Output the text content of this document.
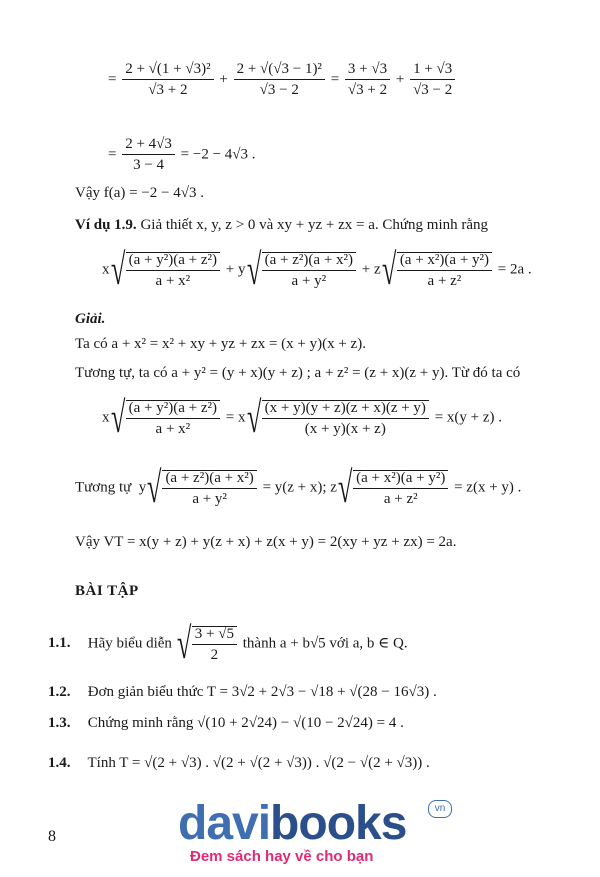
= $\frac{\text{2 + √(1 + √3)²}}{√3 + 2} + \frac{\text{2 + √(√3 − 1)²}}{√3 - 2} = \frac{3 + √3}{√3 + 2} + \frac{1 + √3}{√3 - 2}$
= $\frac{2 + 4√3}{3 - 4} = -2 - 4√3$ .
Vậy f(a) = −2 − 4√3 .
Ví dụ 1.9. Giả thiết x, y, z > 0 và xy + yz + zx = a. Chứng minh rằng
$x√ \frac{\text{(a + y²)(a + z²)}}{\text{a + x²}} + y√ \frac{\text{(a + z²)(a + x²)}}{\text{a + y²}} + z√ \frac{\text{(a + x²)(a + y²)}}{\text{a + z²}} = 2a$ .
Giải.
Ta có a + x² = x² + xy + yz + zx = (x + y)(x + z).
Tương tự, ta có a + y² = (y + x)(y + z) ; a + z² = (z + x)(z + y). Từ đó ta có
$x√ \frac{\text{(a + y²)(a + z²)}}{\text{a + x²}} = x√ \frac{(x + y)(y + z)(z + x)(z + y)}{(x + y)(x + z)} = x(y + z)$ .
Tương tự $y√ \frac{\text{(a + z²)(a + x²)}}{\text{a + y²}} = y(z + x)$; $z√ \frac{\text{(a + x²)(a + y²)}}{\text{a + z²}} = z(x + y)$ .
Vậy VT = x(y + z) + y(z + x) + z(x + y) = 2(xy + yz + zx) = 2a.
BÀI TẬP
1.1. Hãy biểu diễn √ $\frac{3 + √5}{2}$ thành a + b√5 với a, b ∈ Q.
1.2. Đơn giản biểu thức T = 3√2 + 2√3 − √18 + √(28 − 16√3) .
1.3. Chứng minh rằng √(10 + 2√24) − √(10 − 2√24) = 4 .
1.4. Tính T = √(2 + √3) . √(2 + √(2 + √3)) . √(2 − √(2 + √3)) .
8	davibooks	vn
Đem sách hay về cho bạn
